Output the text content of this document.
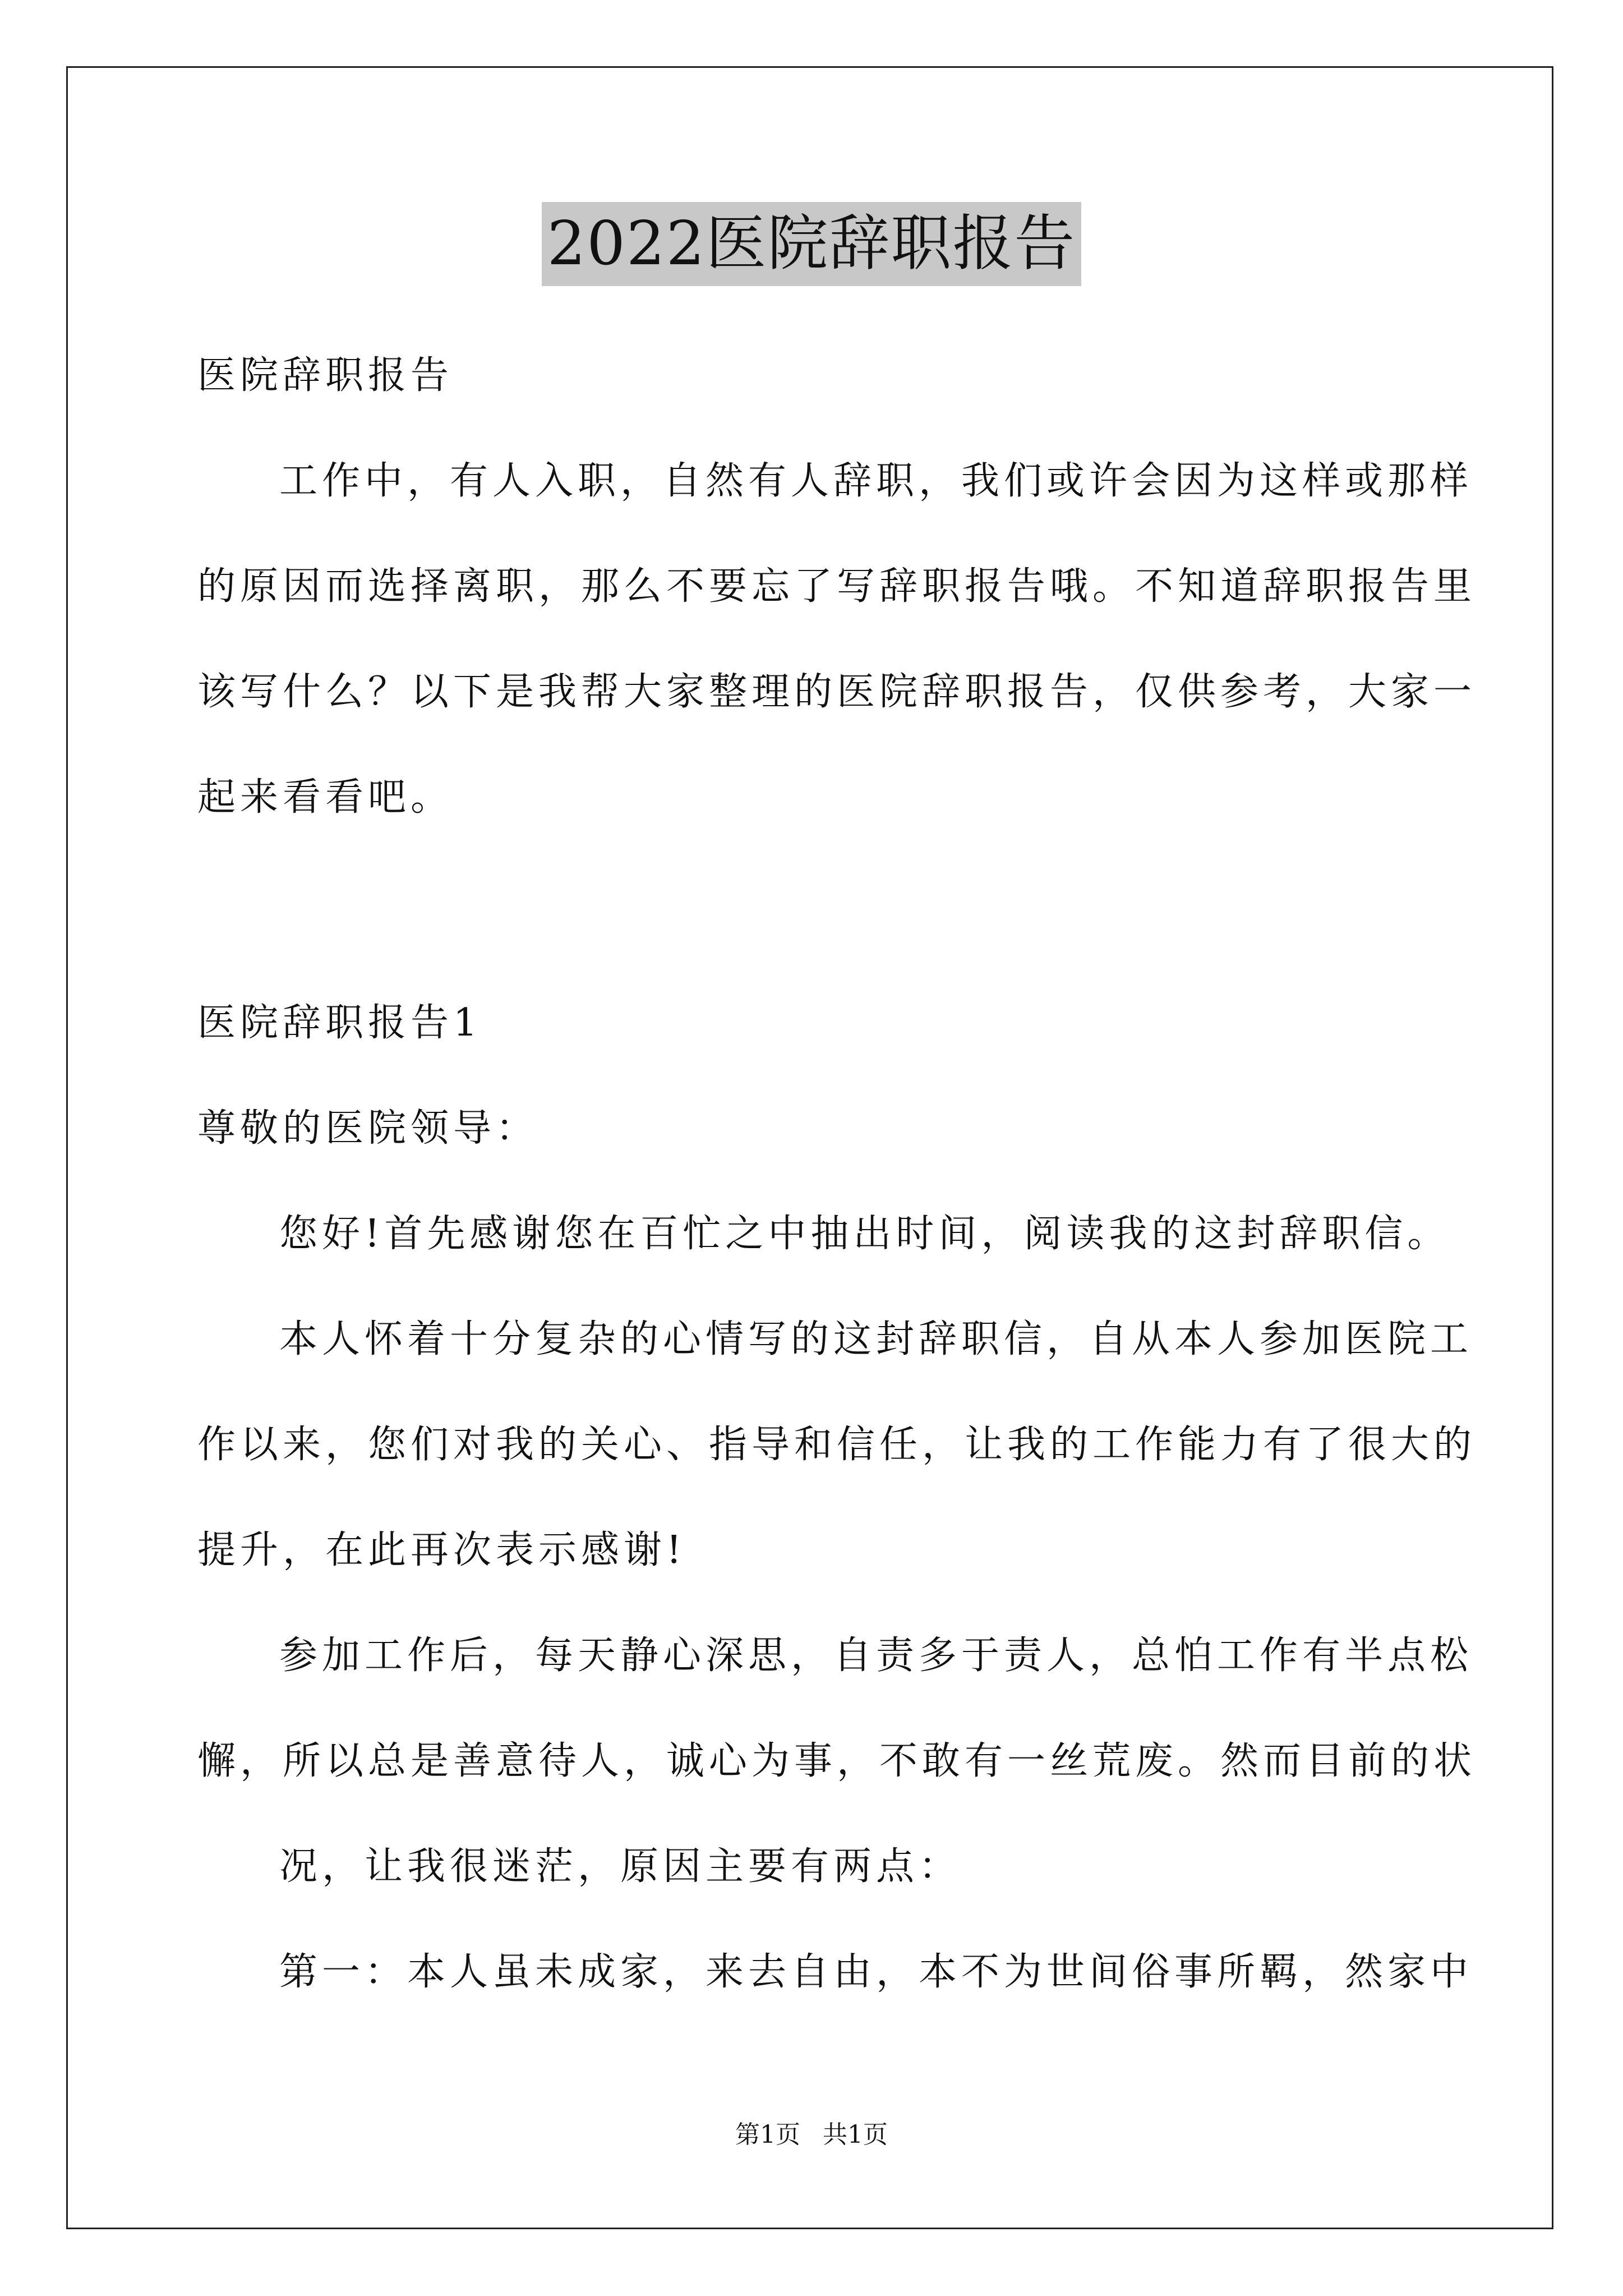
2022医院辞职报告
医院辞职报告
工作中，有人入职，自然有人辞职，我们或许会因为这样或那样
的原因而选择离职，那么不要忘了写辞职报告哦。不知道辞职报告里
该写什么？以下是我帮大家整理的医院辞职报告，仅供参考，大家一
起来看看吧。
医院辞职报告1
尊敬的医院领导：
您好!首先感谢您在百忙之中抽出时间，阅读我的这封辞职信。
本人怀着十分复杂的心情写的这封辞职信，自从本人参加医院工
作以来，您们对我的关心、指导和信任，让我的工作能力有了很大的
提升，在此再次表示感谢!
参加工作后，每天静心深思，自责多于责人，总怕工作有半点松
懈，所以总是善意待人，诚心为事，不敢有一丝荒废。然而目前的状
况，让我很迷茫，原因主要有两点：
第一：本人虽未成家，来去自由，本不为世间俗事所羁，然家中
第1页 共1页
